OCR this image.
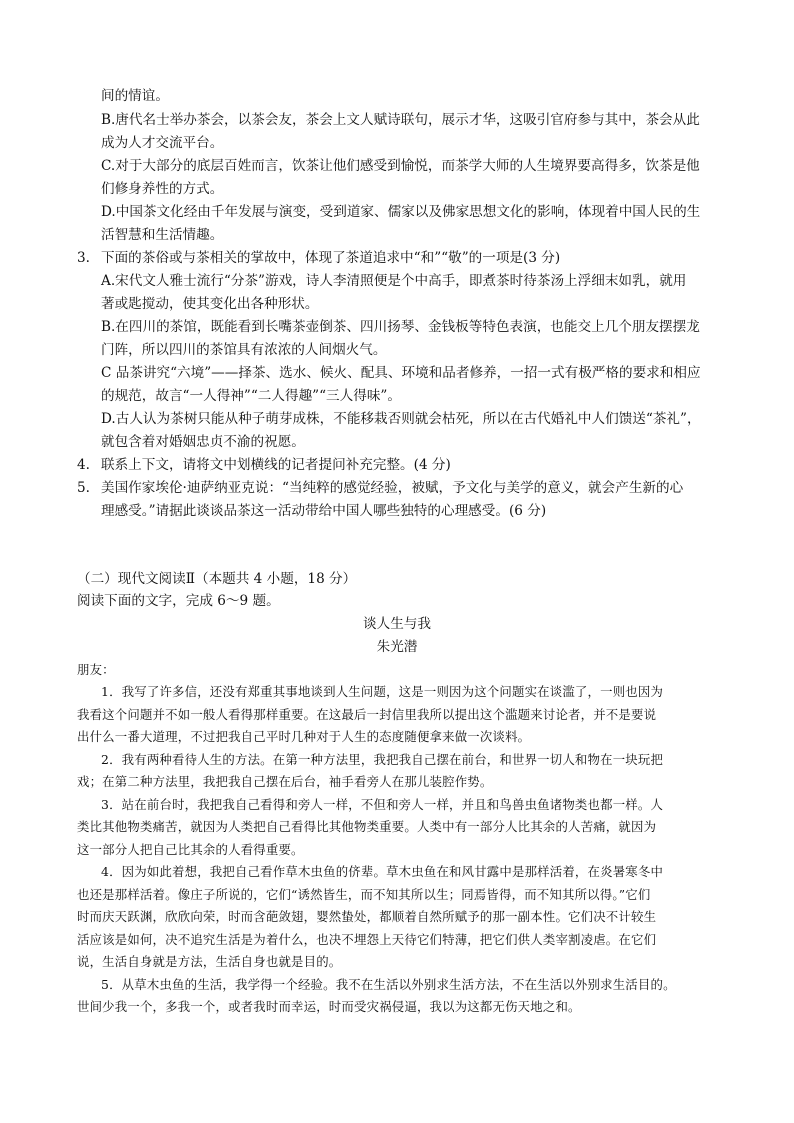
间的情谊。
B.唐代名士举办茶会，以茶会友，茶会上文人赋诗联句，展示才华，这吸引官府参与其中，茶会从此
成为人才交流平台。
C.对于大部分的底层百姓而言，饮茶让他们感受到愉悦，而茶学大师的人生境界要高得多，饮茶是他
们修身养性的方式。
D.中国茶文化经由千年发展与演变，受到道家、儒家以及佛家思想文化的影响，体现着中国人民的生
活智慧和生活情趣。
3. 下面的茶俗或与茶相关的掌故中，体现了茶道追求中“和”“敬”的一项是(3 分)
A.宋代文人雅士流行“分茶”游戏，诗人李清照便是个中高手，即煮茶时待茶汤上浮细末如乳，就用
著或匙搅动，使其变化出各种形状。
B.在四川的茶馆，既能看到长嘴茶壶倒茶、四川扬琴、金钱板等特色表演，也能交上几个朋友摆摆龙
门阵，所以四川的茶馆具有浓浓的人间烟火气。
C 品茶讲究“六境”——择茶、选水、候火、配具、环境和品者修养，一招一式有极严格的要求和相应
的规范，故言“一人得神”“二人得趣”“三人得味”。
D.古人认为茶树只能从种子萌芽成株，不能移栽否则就会枯死，所以在古代婚礼中人们馈送“茶礼”，
就包含着对婚姻忠贞不渝的祝愿。
4. 联系上下文，请将文中划横线的记者提问补充完整。(4 分)
5. 美国作家埃伦·迪萨纳亚克说：“当纯粹的感觉经验，被赋，予文化与美学的意义，就会产生新的心
理感受。”请据此谈谈品茶这一活动带给中国人哪些独特的心理感受。(6 分)
（二）现代文阅读Ⅱ（本题共 4 小题，18 分）
阅读下面的文字，完成 6～9 题。
谈人生与我
朱光潜
朋友：
1．我写了许多信，还没有郑重其事地谈到人生问题，这是一则因为这个问题实在谈滥了，一则也因为
我看这个问题并不如一般人看得那样重要。在这最后一封信里我所以提出这个滥题来讨论者，并不是要说
出什么一番大道理，不过把我自己平时几种对于人生的态度随便拿来做一次谈料。
2．我有两种看待人生的方法。在第一种方法里，我把我自己摆在前台，和世界一切人和物在一块玩把
戏；在第二种方法里，我把我自己摆在后台，袖手看旁人在那儿装腔作势。
3．站在前台时，我把我自己看得和旁人一样，不但和旁人一样，并且和鸟兽虫鱼诸物类也都一样。人
类比其他物类痛苦，就因为人类把自己看得比其他物类重要。人类中有一部分人比其余的人苦痛，就因为
这一部分人把自己比其余的人看得重要。
4．因为如此着想，我把自己看作草木虫鱼的侪辈。草木虫鱼在和风甘露中是那样活着，在炎暑寒冬中
也还是那样活着。像庄子所说的，它们“诱然皆生，而不知其所以生；同焉皆得，而不知其所以得。”它们
时而庆天跃渊，欣欣向荣，时而含葩敛翅，婴然蛰处，都顺着自然所赋予的那一副本性。它们决不计较生
活应该是如何，决不追究生活是为着什么，也决不埋怨上天待它们特薄，把它们供人类宰割凌虐。在它们
说，生活自身就是方法，生活自身也就是目的。
5．从草木虫鱼的生活，我学得一个经验。我不在生活以外别求生活方法，不在生活以外别求生活目的。
世间少我一个，多我一个，或者我时而幸运，时而受灾祸侵逼，我以为这都无伤天地之和。
